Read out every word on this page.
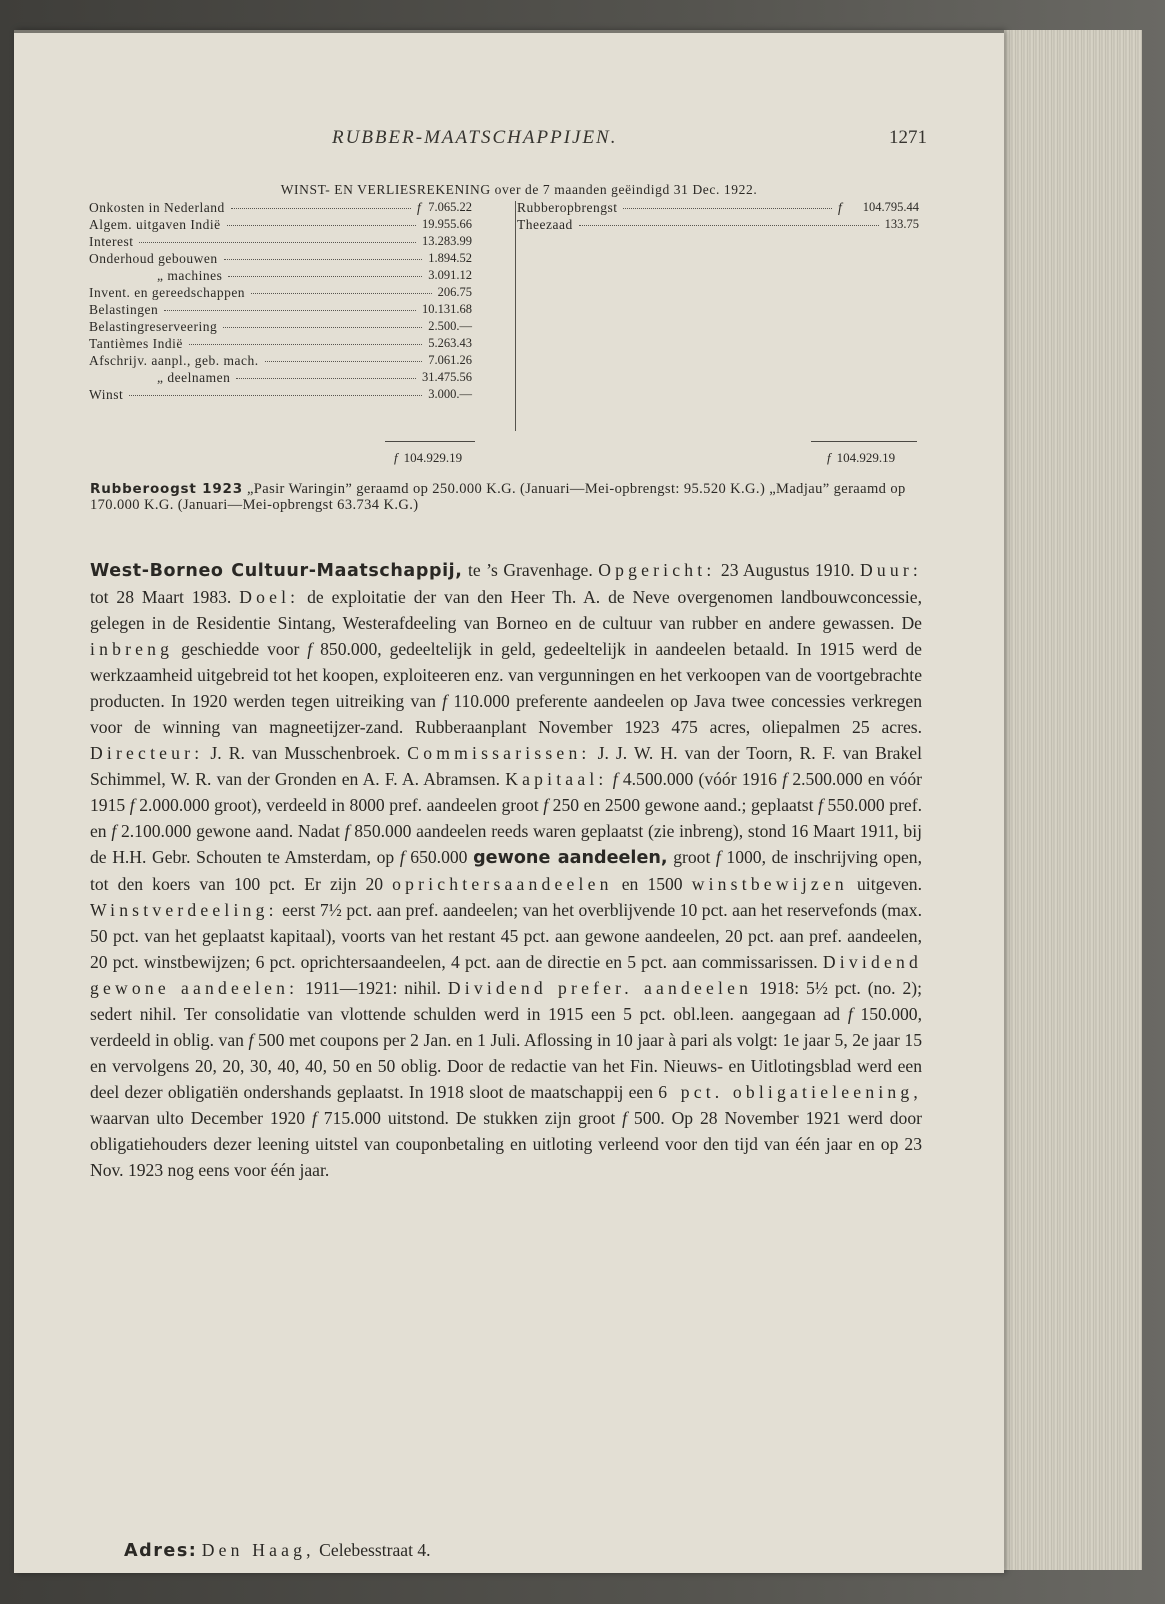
RUBBER-MAATSCHAPPIJEN.	1271
WINST- EN VERLIESREKENING over de 7 maanden geëindigd 31 Dec. 1922.
Onkosten in Nederland	f 7.065.22
Algem. uitgaven Indië	19.955.66
Interest	13.283.99
Onderhoud gebouwen	1.894.52
„ machines	3.091.12
Invent. en gereedschappen	206.75
Belastingen	10.131.68
Belastingreserveering	2.500.—
Tantièmes Indië	5.263.43
Afschrijv. aanpl., geb. mach.	7.061.26
„ deelnamen	31.475.56
Winst	3.000.—
Rubberopbrengst	f 104.795.44
Theezaad	133.75
f 104.929.19	f 104.929.19
Rubberoogst 1923 „Pasir Waringin” geraamd op 250.000 K.G. (Januari—Mei-opbrengst: 95.520 K.G.) „Madjau” geraamd op 170.000 K.G. (Januari—Mei-opbrengst 63.734 K.G.)
West-Borneo Cultuur-Maatschappij, te ’s Gravenhage. Opgericht: 23 Augustus 1910. Duur: tot 28 Maart 1983. Doel: de exploitatie der van den Heer Th. A. de Neve overgenomen landbouwconcessie, gelegen in de Residentie Sintang, Westerafdeeling van Borneo en de cultuur van rubber en andere gewassen. De inbreng geschiedde voor f 850.000, gedeeltelijk in geld, gedeeltelijk in aandeelen betaald. In 1915 werd de werkzaamheid uitgebreid tot het koopen, exploiteeren enz. van vergunningen en het verkoopen van de voortgebrachte producten. In 1920 werden tegen uitreiking van f 110.000 preferente aandeelen op Java twee concessies verkregen voor de winning van magneetijzer-zand. Rubberaanplant November 1923 475 acres, oliepalmen 25 acres. Directeur: J. R. van Musschenbroek. Commissarissen: J. J. W. H. van der Toorn, R. F. van Brakel Schimmel, W. R. van der Gronden en A. F. A. Abramsen. Kapitaal: f 4.500.000 (vóór 1916 f 2.500.000 en vóór 1915 f 2.000.000 groot), verdeeld in 8000 pref. aandeelen groot f 250 en 2500 gewone aand.; geplaatst f 550.000 pref. en f 2.100.000 gewone aand. Nadat f 850.000 aandeelen reeds waren geplaatst (zie inbreng), stond 16 Maart 1911, bij de H.H. Gebr. Schouten te Amsterdam, op f 650.000 gewone aandeelen, groot f 1000, de inschrijving open, tot den koers van 100 pct. Er zijn 20 oprichtersaandeelen en 1500 winstbewijzen uitgeven. Winstverdeeling: eerst 7½ pct. aan pref. aandeelen; van het overblijvende 10 pct. aan het reservefonds (max. 50 pct. van het geplaatst kapitaal), voorts van het restant 45 pct. aan gewone aandeelen, 20 pct. aan pref. aandeelen, 20 pct. winstbewijzen; 6 pct. oprichtersaandeelen, 4 pct. aan de directie en 5 pct. aan commissarissen. Dividend gewone aandeelen: 1911—1921: nihil. Dividend prefer. aandeelen 1918: 5½ pct. (no. 2); sedert nihil. Ter consolidatie van vlottende schulden werd in 1915 een 5 pct. obl.leen. aangegaan ad f 150.000, verdeeld in oblig. van f 500 met coupons per 2 Jan. en 1 Juli. Aflossing in 10 jaar à pari als volgt: 1e jaar 5, 2e jaar 15 en vervolgens 20, 20, 30, 40, 40, 50 en 50 oblig. Door de redactie van het Fin. Nieuws- en Uitlotingsblad werd een deel dezer obligatiën ondershands geplaatst. In 1918 sloot de maatschappij een 6 pct. obligatieleening, waarvan ulto December 1920 f 715.000 uitstond. De stukken zijn groot f 500. Op 28 November 1921 werd door obligatiehouders dezer leening uitstel van couponbetaling en uitloting verleend voor den tijd van één jaar en op 23 Nov. 1923 nog eens voor één jaar.
Adres: Den Haag, Celebesstraat 4.
